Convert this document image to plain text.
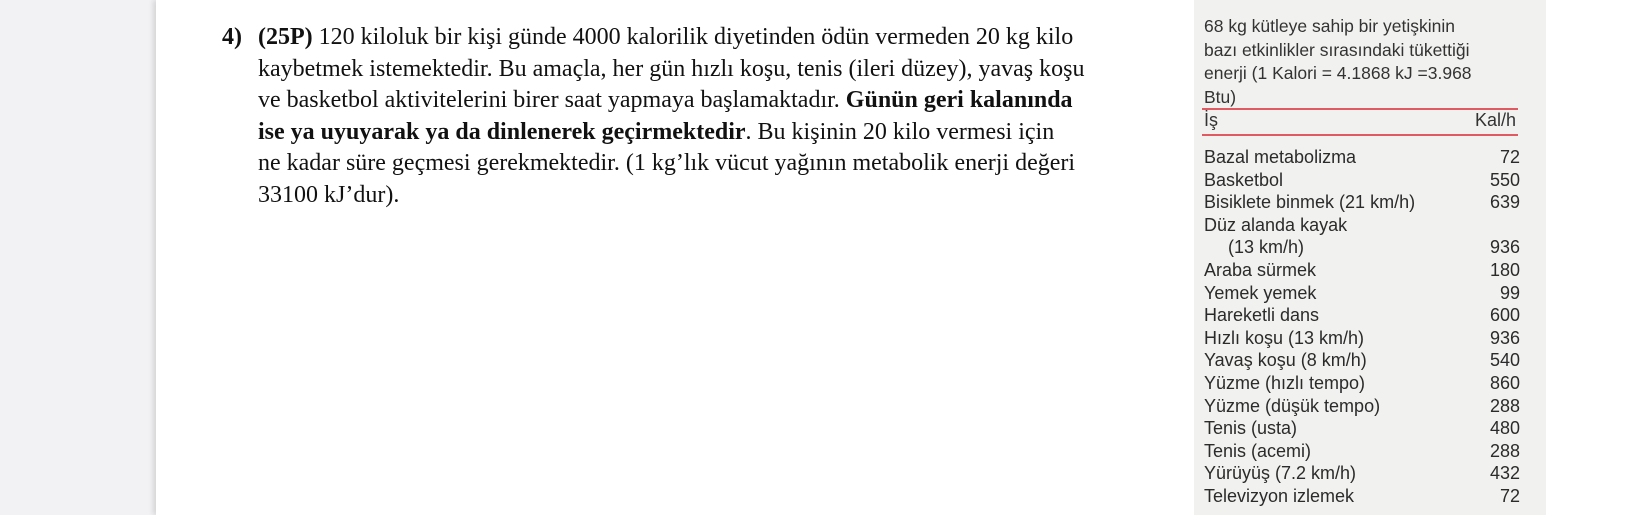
4) (25P) 120 kiloluk bir kişi günde 4000 kalorilik diyetinden ödün vermeden 20 kg kilo
kaybetmek istemektedir. Bu amaçla, her gün hızlı koşu, tenis (ileri düzey), yavaş koşu
ve basketbol aktivitelerini birer saat yapmaya başlamaktadır. Günün geri kalanında
ise ya uyuyarak ya da dinlenerek geçirmektedir. Bu kişinin 20 kilo vermesi için
ne kadar süre geçmesi gerekmektedir. (1 kg’lık vücut yağının metabolik enerji değeri
33100 kJ’dur).
68 kg kütleye sahip bir yetişkinin
bazı etkinlikler sırasındaki tükettiği
enerji (1 Kalori = 4.1868 kJ =3.968
Btu)
İş	Kal/h
Bazal metabolizma	72
Basketbol	550
Bisiklete binmek (21 km/h)	639
Düz alanda kayak
(13 km/h)	936
Araba sürmek	180
Yemek yemek	99
Hareketli dans	600
Hızlı koşu (13 km/h)	936
Yavaş koşu (8 km/h)	540
Yüzme (hızlı tempo)	860
Yüzme (düşük tempo)	288
Tenis (usta)	480
Tenis (acemi)	288
Yürüyüş (7.2 km/h)	432
Televizyon izlemek	72
